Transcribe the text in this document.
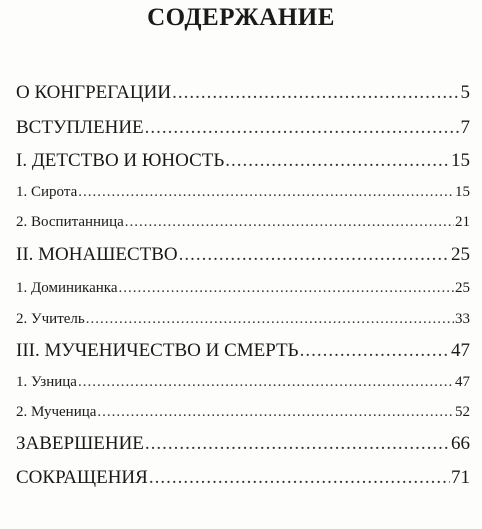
СОДЕРЖАНИЕ
О КОНГРЕГАЦИИ .....	5
ВСТУПЛЕНИЕ .....	7
I. ДЕТСТВО И ЮНОСТЬ .....	15
1. Сирота .....	15
2. Воспитанница .....	21
II. МОНАШЕСТВО .....	25
1. Доминиканка .....	25
2. Учитель .....	33
III. МУЧЕНИЧЕСТВО И СМЕРТЬ .....	47
1. Узница .....	47
2. Мученица .....	52
ЗАВЕРШЕНИЕ .....	66
СОКРАЩЕНИЯ .....	71
